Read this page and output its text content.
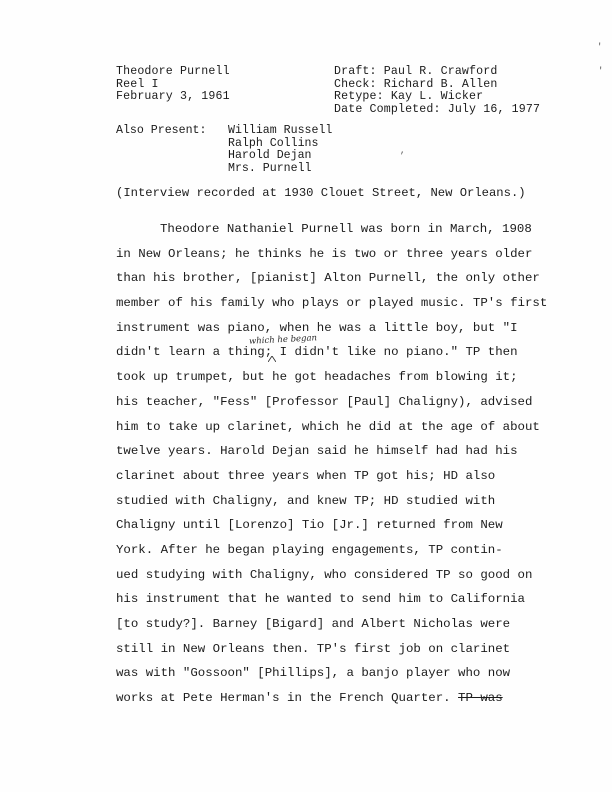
Theodore Purnell
Reel I
February 3, 1961
Draft: Paul R. Crawford
Check: Richard B. Allen
Retype: Kay L. Wicker
Date Completed: July 16, 1977
Also Present: William Russell
Ralph Collins
Harold Dejan
Mrs. Purnell
(Interview recorded at 1930 Clouet Street, New Orleans.)
Theodore Nathaniel Purnell was born in March, 1908
in New Orleans; he thinks he is two or three years older
than his brother, [pianist] Alton Purnell, the only other
member of his family who plays or played music. TP's first
instrument was piano, when he was a little boy, but "I
didn't learn a thing; I didn't like no piano." TP then
took up trumpet, but he got headaches from blowing it;
his teacher, "Fess" [Professor [Paul] Chaligny), advised
him to take up clarinet, which he did at the age of about
twelve years. Harold Dejan said he himself had had his
clarinet about three years when TP got his; HD also
studied with Chaligny, and knew TP; HD studied with
Chaligny until [Lorenzo] Tio [Jr.] returned from New
York. After he began playing engagements, TP contin-
ued studying with Chaligny, who considered TP so good on
his instrument that he wanted to send him to California
[to study?]. Barney [Bigard] and Albert Nicholas were
still in New Orleans then. TP's first job on clarinet
was with "Gossoon" [Phillips], a banjo player who now
works at Pete Herman's in the French Quarter. TP was
which he began
'
'
,
